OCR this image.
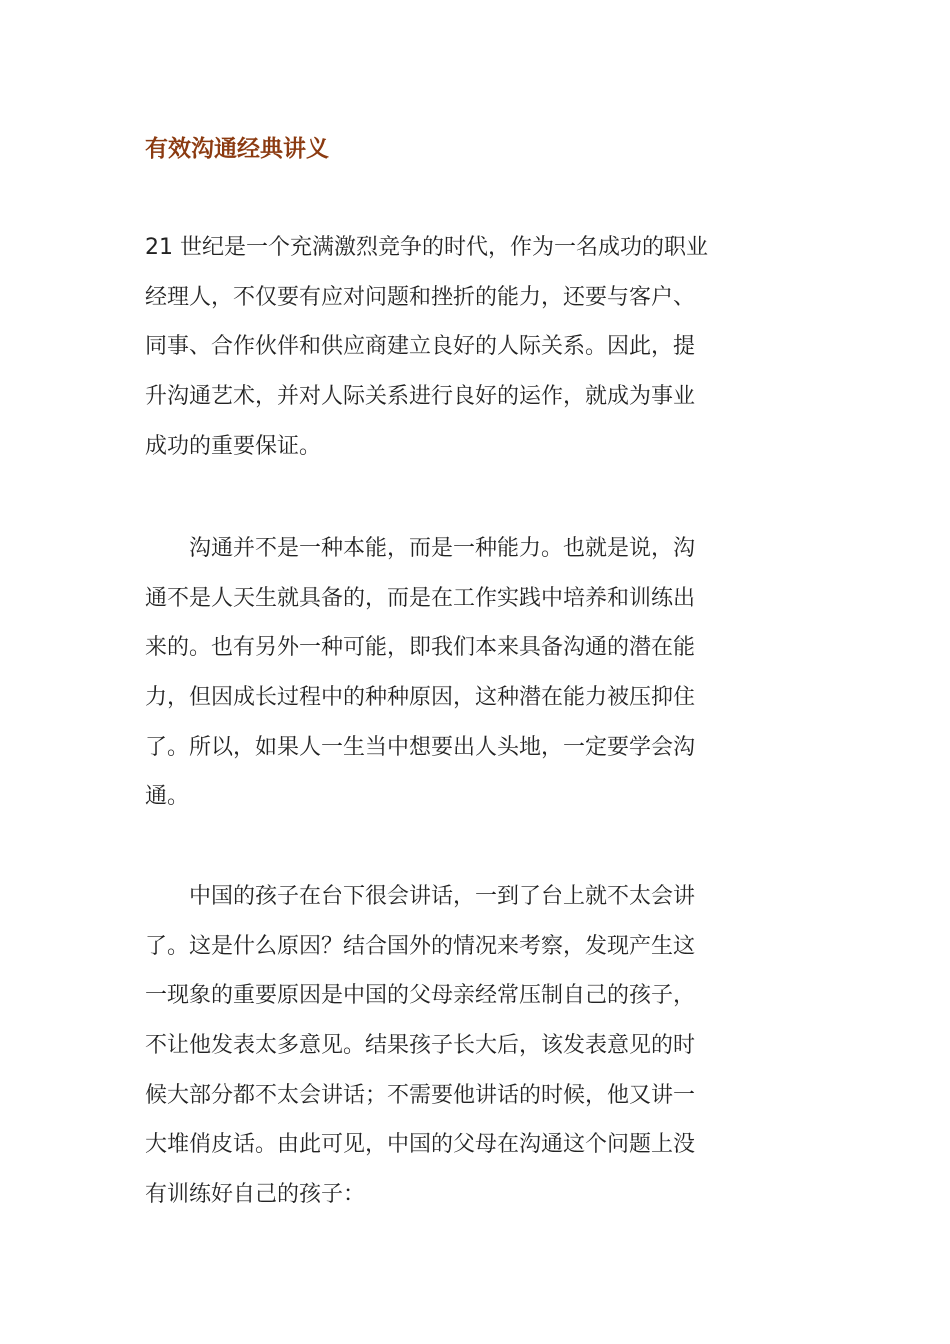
有效沟通经典讲义

21 世纪是一个充满激烈竞争的时代，作为一名成功的职业
经理人，不仅要有应对问题和挫折的能力，还要与客户、
同事、合作伙伴和供应商建立良好的人际关系。因此，提
升沟通艺术，并对人际关系进行良好的运作，就成为事业
成功的重要保证。

　　沟通并不是一种本能，而是一种能力。也就是说，沟
通不是人天生就具备的，而是在工作实践中培养和训练出
来的。也有另外一种可能，即我们本来具备沟通的潜在能
力，但因成长过程中的种种原因，这种潜在能力被压抑住
了。所以，如果人一生当中想要出人头地，一定要学会沟
通。

　　中国的孩子在台下很会讲话，一到了台上就不太会讲
了。这是什么原因？结合国外的情况来考察，发现产生这
一现象的重要原因是中国的父母亲经常压制自己的孩子，
不让他发表太多意见。结果孩子长大后，该发表意见的时
候大部分都不太会讲话；不需要他讲话的时候，他又讲一
大堆俏皮话。由此可见，中国的父母在沟通这个问题上没
有训练好自己的孩子：
